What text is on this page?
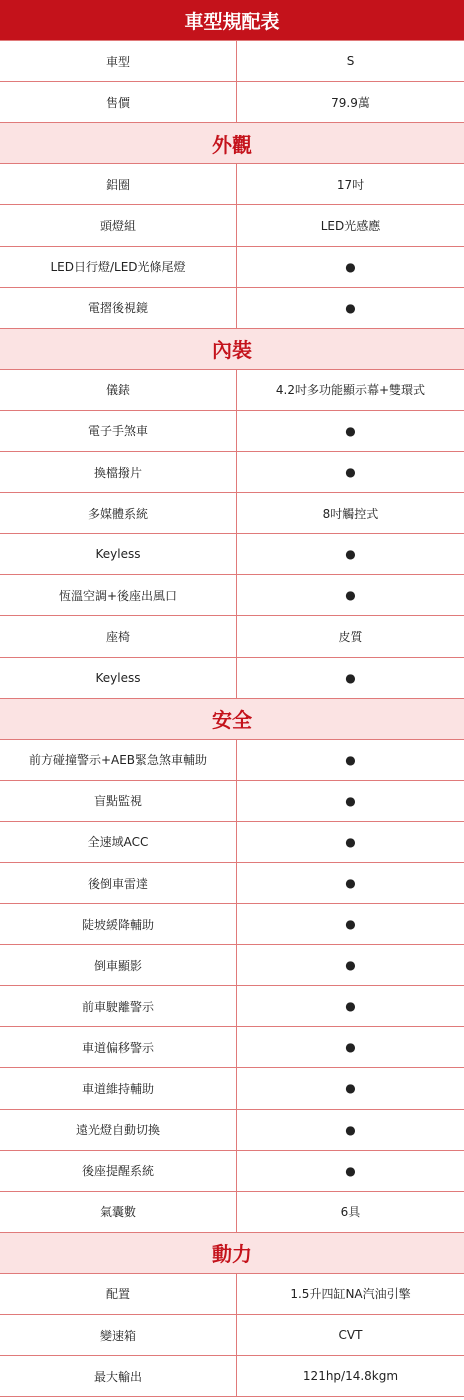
車型規配表
車型	S
售價	79.9萬
外觀
鋁圈	17吋
頭燈組	LED光感應
LED日行燈/LED光條尾燈	●
電摺後視鏡	●
內裝
儀錶	4.2吋多功能顯示幕+雙環式
電子手煞車	●
換檔撥片	●
多媒體系統	8吋觸控式
Keyless	●
恆溫空調+後座出風口	●
座椅	皮質
Keyless	●
安全
前方碰撞警示+AEB緊急煞車輔助	●
盲點監視	●
全速域ACC	●
後倒車雷達	●
陡坡緩降輔助	●
倒車顯影	●
前車駛離警示	●
車道偏移警示	●
車道維持輔助	●
遠光燈自動切換	●
後座提醒系統	●
氣囊數	6具
動力
配置	1.5升四缸NA汽油引擎
變速箱	CVT
最大輸出	121hp/14.8kgm
